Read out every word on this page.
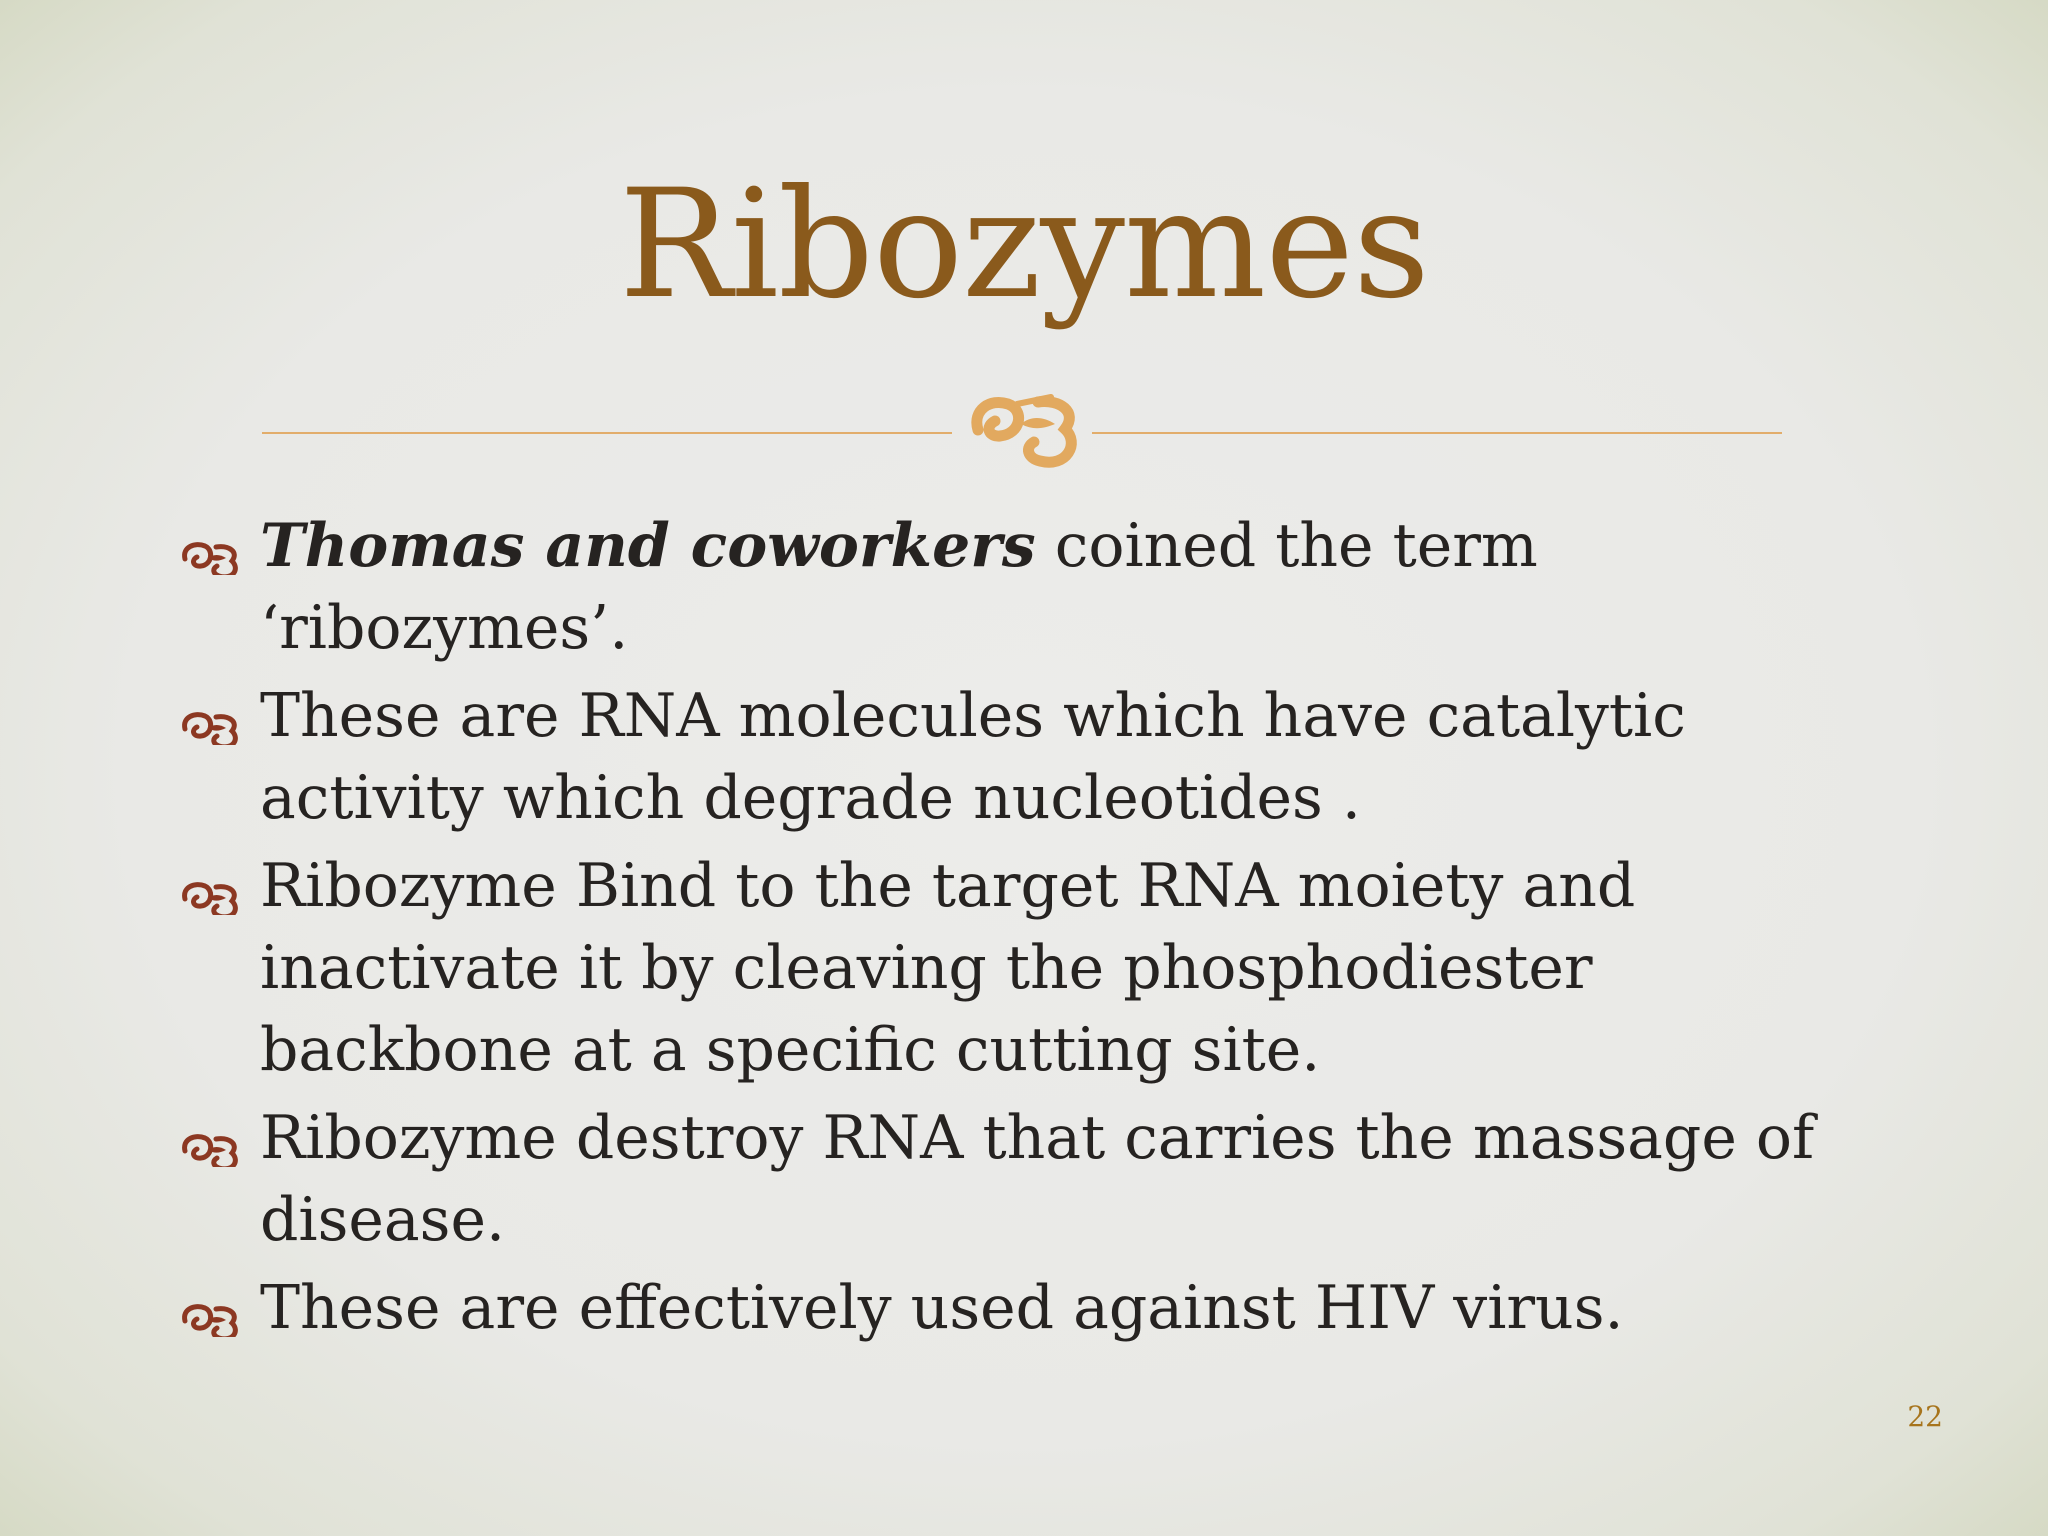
Ribozymes
Thomas and coworkers coined the term ‘ribozymes’.
These are RNA molecules which have catalytic activity which degrade nucleotides .
Ribozyme Bind to the target RNA moiety and inactivate it by cleaving the phosphodiester backbone at a specific cutting site.
Ribozyme destroy RNA that carries the massage of disease.
These are effectively used against HIV virus.
22
